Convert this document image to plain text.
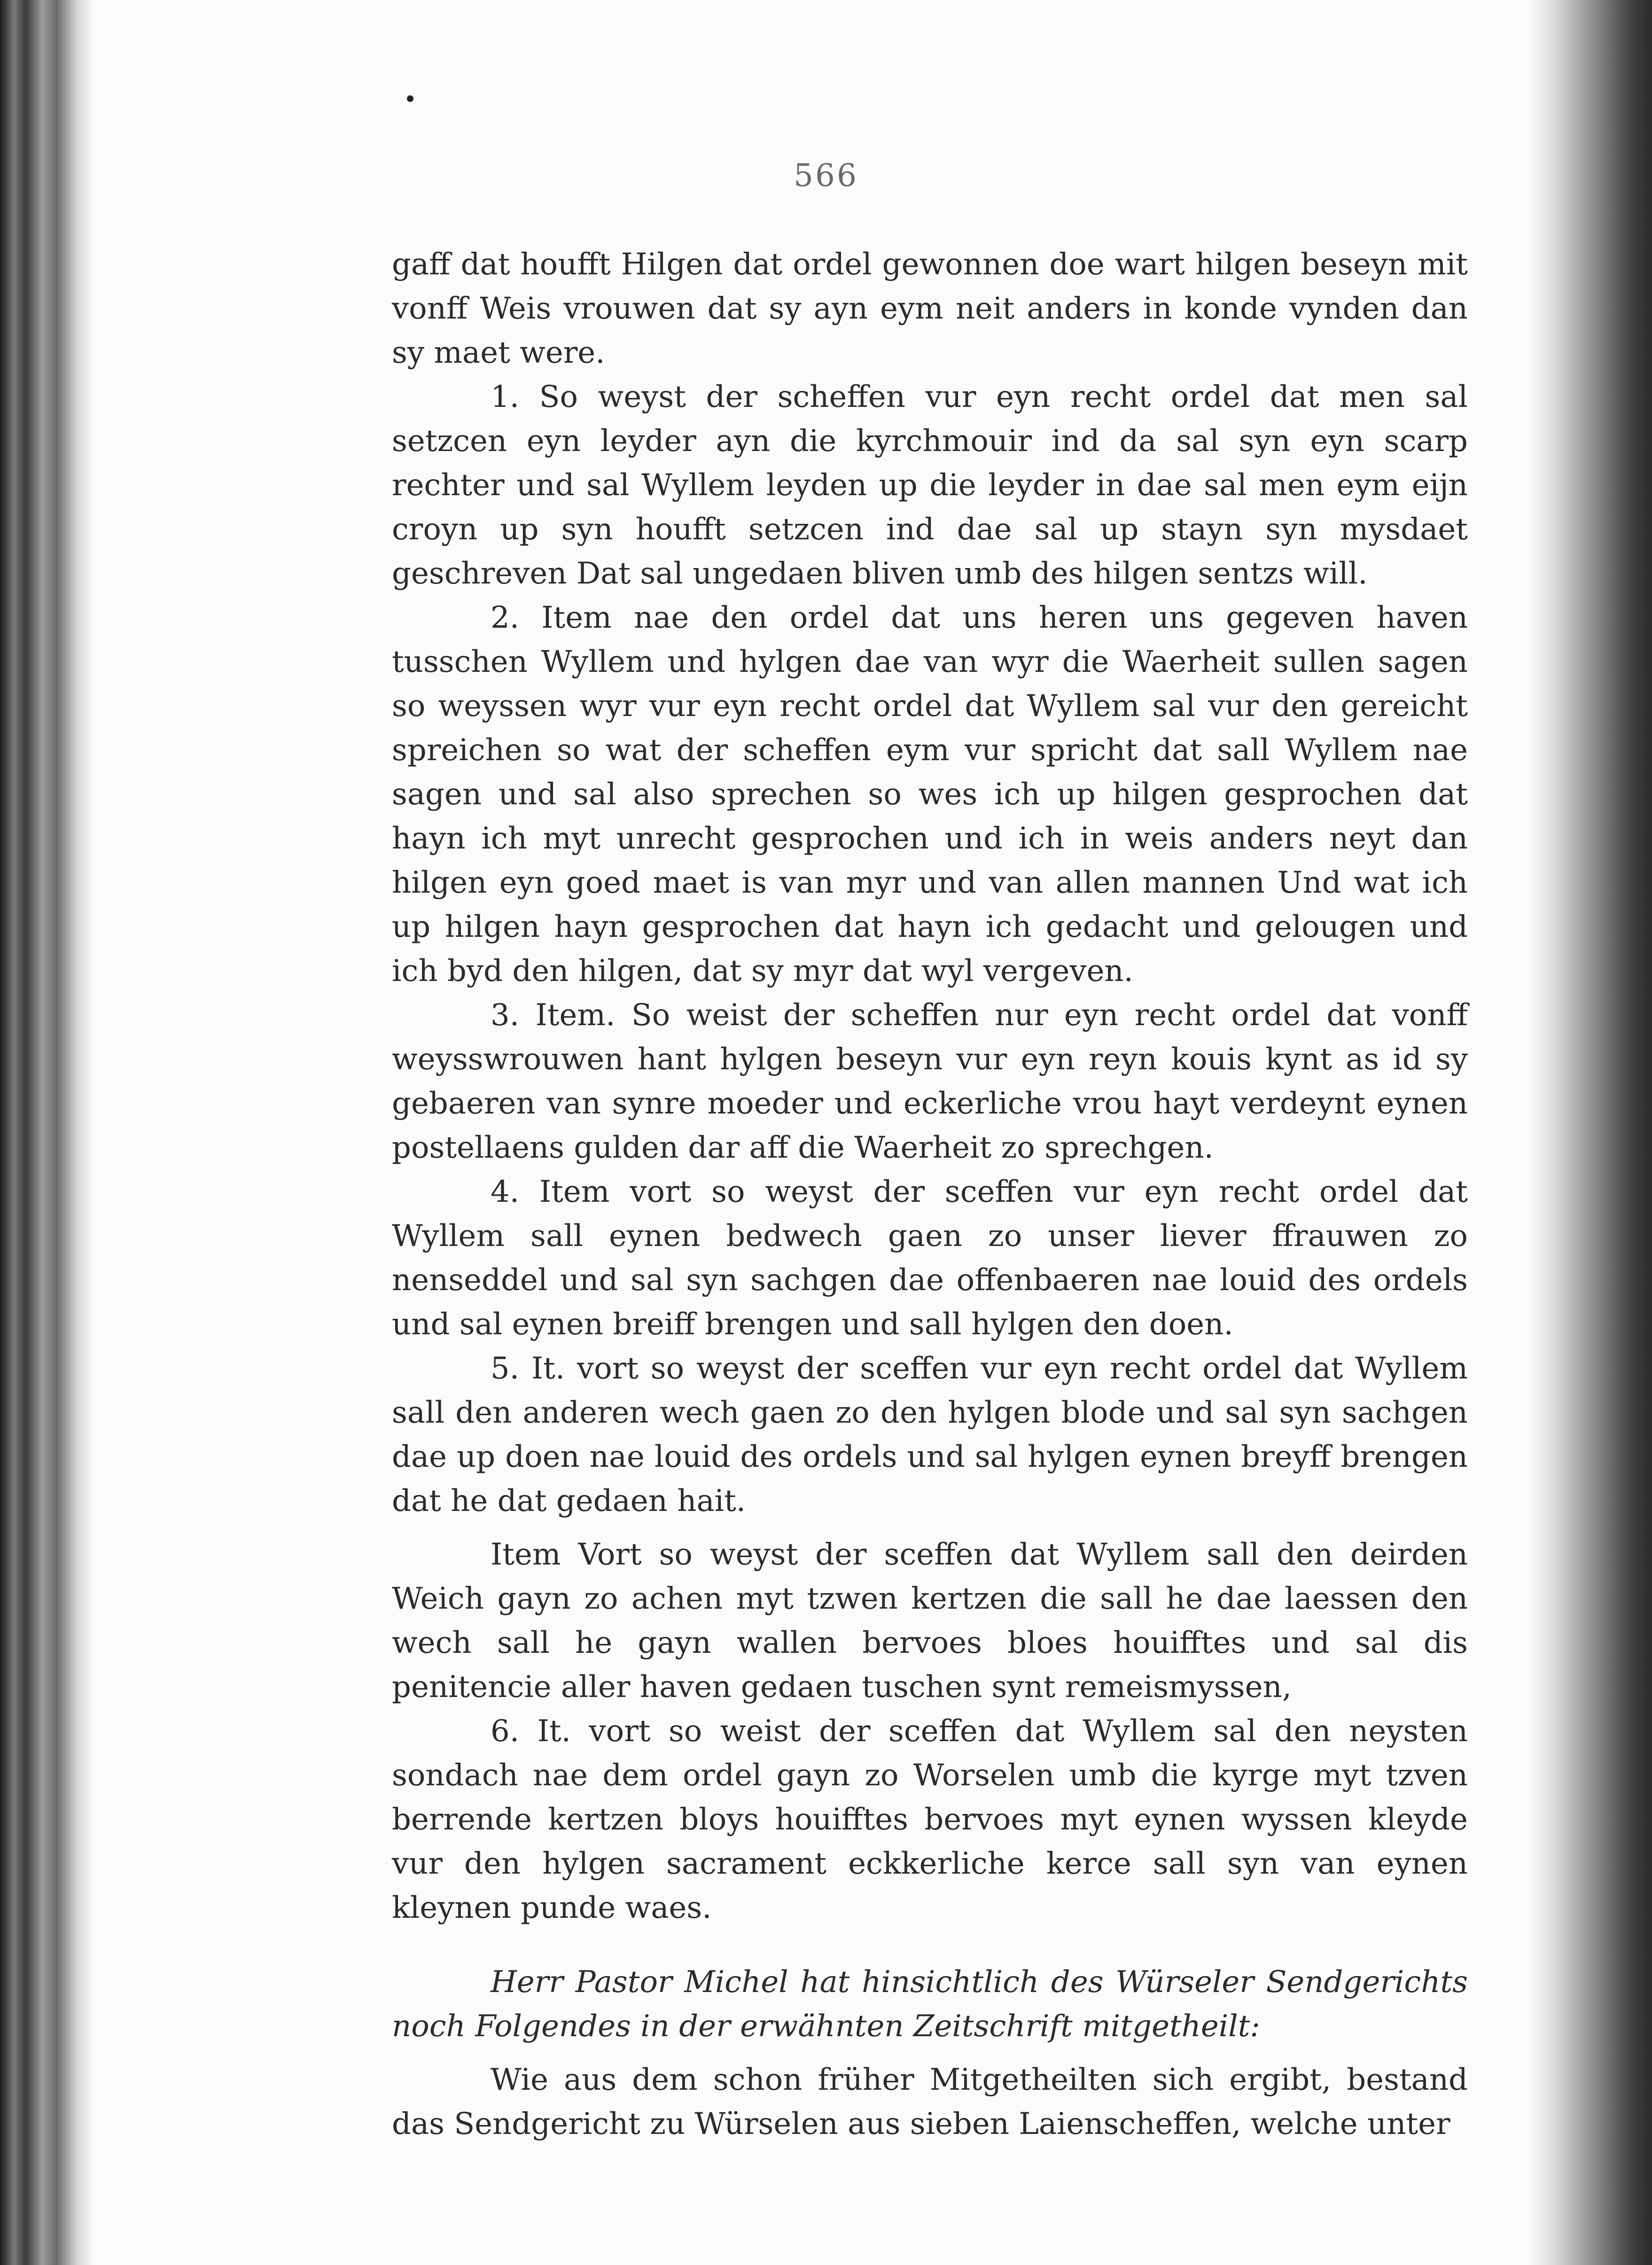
566

gaff dat houfft Hilgen dat ordel gewonnen doe wart hilgen beseyn mit vonff Weis vrouwen dat sy ayn eym neit anders in konde vynden dan sy maet were.

1. So weyst der scheffen vur eyn recht ordel dat men sal setzcen eyn leyder ayn die kyrchmouir ind da sal syn eyn scarp rechter und sal Wyllem leyden up die leyder in dae sal men eym eijn croyn up syn houfft setzcen ind dae sal up stayn syn mysdaet geschreven Dat sal ungedaen bliven umb des hilgen sentzs will.

2. Item nae den ordel dat uns heren uns gegeven haven tusschen Wyllem und hylgen dae van wyr die Waerheit sullen sagen so weyssen wyr vur eyn recht ordel dat Wyllem sal vur den gereicht spreichen so wat der scheffen eym vur spricht dat sall Wyllem nae sagen und sal also sprechen so wes ich up hilgen gesprochen dat hayn ich myt unrecht gesprochen und ich in weis anders neyt dan hilgen eyn goed maet is van myr und van allen mannen Und wat ich up hilgen hayn gesprochen dat hayn ich gedacht und gelougen und ich byd den hilgen, dat sy myr dat wyl vergeven.

3. Item. So weist der scheffen nur eyn recht ordel dat vonff weysswrouwen hant hylgen beseyn vur eyn reyn kouis kynt as id sy gebaeren van synre moeder und eckerliche vrou hayt verdeynt eynen postellaens gulden dar aff die Waerheit zo sprechgen.

4. Item vort so weyst der sceffen vur eyn recht ordel dat Wyllem sall eynen bedwech gaen zo unser liever ffrauwen zo nenseddel und sal syn sachgen dae offenbaeren nae louid des ordels und sal eynen breiff brengen und sall hylgen den doen.

5. It. vort so weyst der sceffen vur eyn recht ordel dat Wyllem sall den anderen wech gaen zo den hylgen blode und sal syn sachgen dae up doen nae louid des ordels und sal hylgen eynen breyff brengen dat he dat gedaen hait.

Item Vort so weyst der sceffen dat Wyllem sall den deirden Weich gayn zo achen myt tzwen kertzen die sall he dae laessen den wech sall he gayn wallen bervoes bloes houifftes und sal dis penitencie aller haven gedaen tuschen synt remeismyssen,

6. It. vort so weist der sceffen dat Wyllem sal den neysten sondach nae dem ordel gayn zo Worselen umb die kyrge myt tzven berrende kertzen bloys houifftes bervoes myt eynen wyssen kleyde vur den hylgen sacrament eckkerliche kerce sall syn van eynen kleynen punde waes.

Herr Pastor Michel hat hinsichtlich des Würseler Sendgerichts noch Folgendes in der erwähnten Zeitschrift mitgetheilt:

Wie aus dem schon früher Mitgetheilten sich ergibt, bestand das Sendgericht zu Würselen aus sieben Laienscheffen, welche unter
